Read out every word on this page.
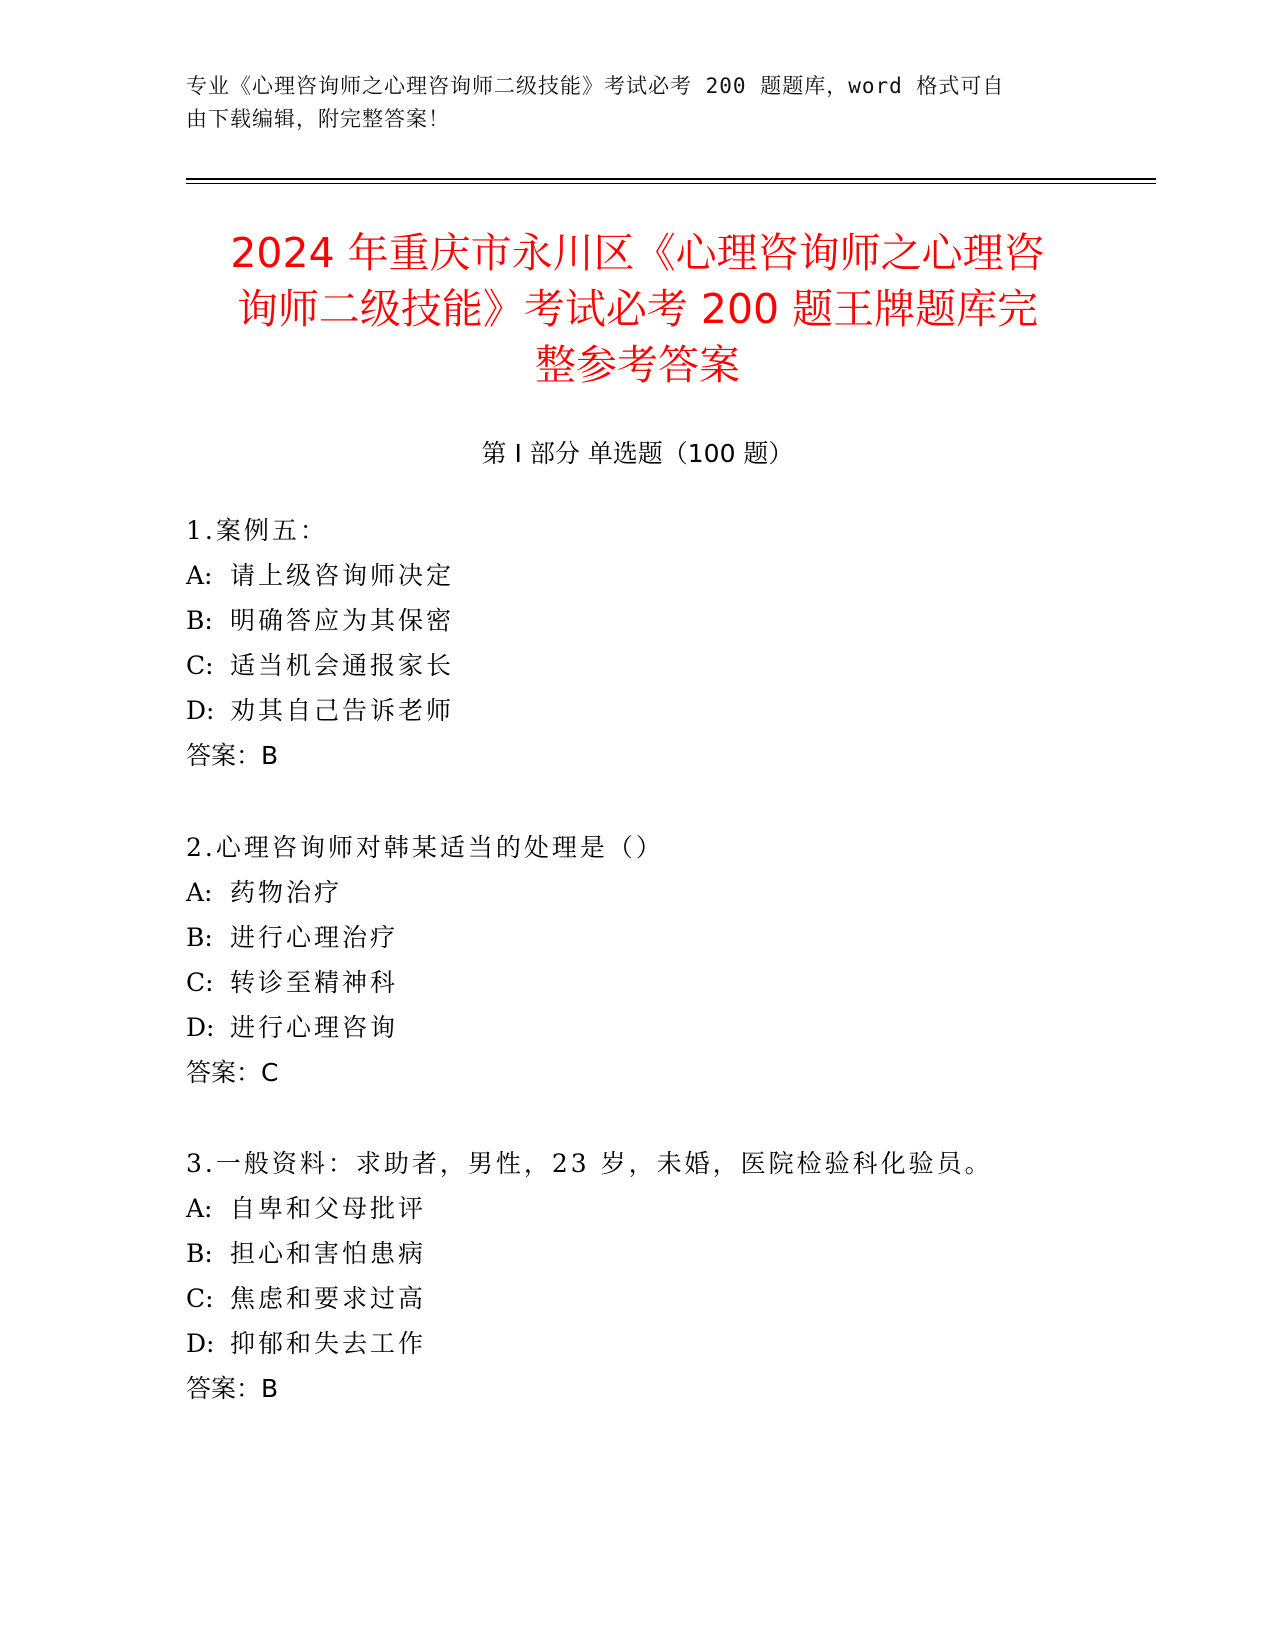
专业《心理咨询师之心理咨询师二级技能》考试必考 200 题题库，word 格式可自
由下载编辑，附完整答案！
2024 年重庆市永川区《心理咨询师之心理咨
询师二级技能》考试必考 200 题王牌题库完
整参考答案
第 I 部分 单选题（100 题）
1.案例五：
A: 请上级咨询师决定
B: 明确答应为其保密
C: 适当机会通报家长
D: 劝其自己告诉老师
答案：B
2.心理咨询师对韩某适当的处理是（）
A: 药物治疗
B: 进行心理治疗
C: 转诊至精神科
D: 进行心理咨询
答案：C
3.一般资料：求助者，男性，23 岁，未婚，医院检验科化验员。
A: 自卑和父母批评
B: 担心和害怕患病
C: 焦虑和要求过高
D: 抑郁和失去工作
答案：B
